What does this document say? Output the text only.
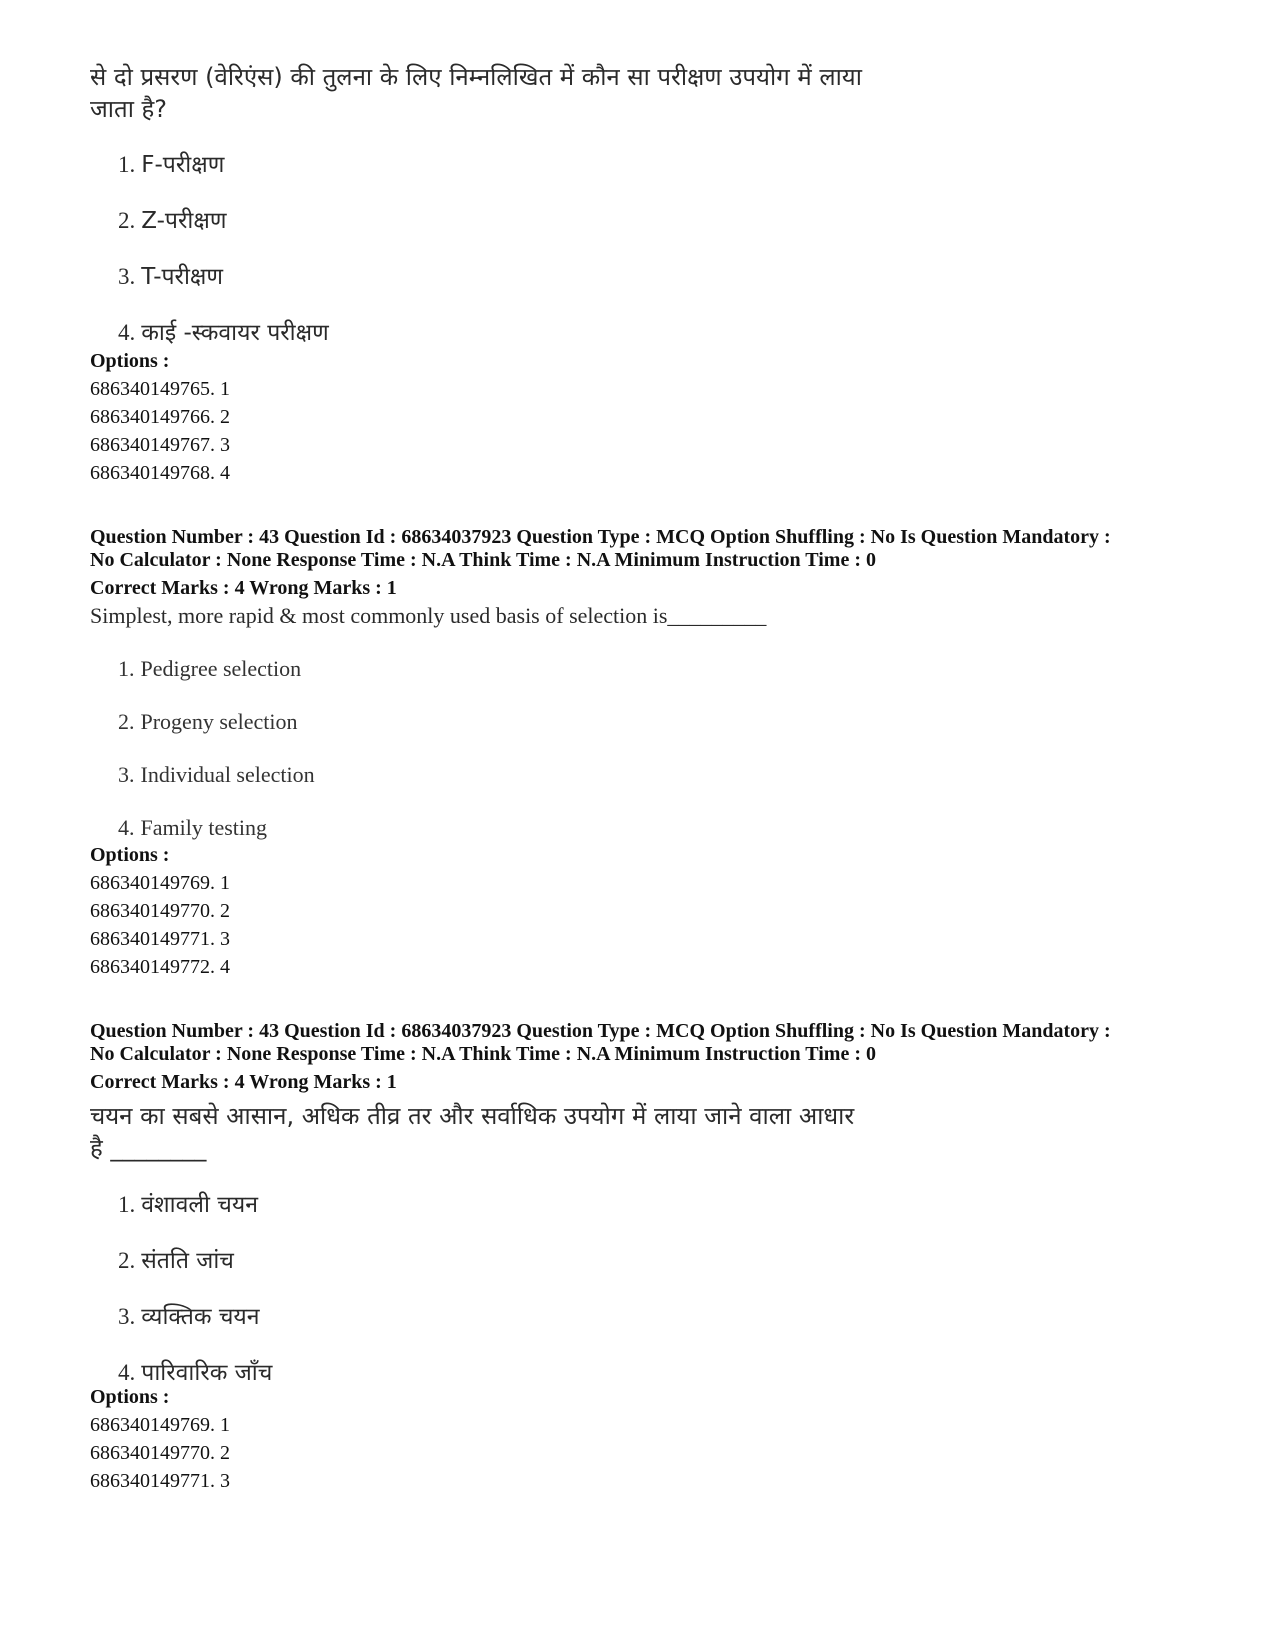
से दो प्रसरण (वेरिएंस) की तुलना के लिए निम्नलिखित में कौन सा परीक्षण उपयोग में लाया
जाता है?
1. F-परीक्षण
2. Z-परीक्षण
3. T-परीक्षण
4. काई -स्कवायर परीक्षण
Options :
686340149765. 1
686340149766. 2
686340149767. 3
686340149768. 4
Question Number : 43 Question Id : 68634037923 Question Type : MCQ Option Shuffling : No Is Question Mandatory :
No Calculator : None Response Time : N.A Think Time : N.A Minimum Instruction Time : 0
Correct Marks : 4 Wrong Marks : 1
Simplest, more rapid & most commonly used basis of selection is_________
1. Pedigree selection
2. Progeny selection
3. Individual selection
4. Family testing
Options :
686340149769. 1
686340149770. 2
686340149771. 3
686340149772. 4
Question Number : 43 Question Id : 68634037923 Question Type : MCQ Option Shuffling : No Is Question Mandatory :
No Calculator : None Response Time : N.A Think Time : N.A Minimum Instruction Time : 0
Correct Marks : 4 Wrong Marks : 1
चयन का सबसे आसान, अधिक तीव्र तर और सर्वाधिक उपयोग में लाया जाने वाला आधार
है ________
1. वंशावली चयन
2. संतति जांच
3. व्यक्तिक चयन
4. पारिवारिक जाँच
Options :
686340149769. 1
686340149770. 2
686340149771. 3
